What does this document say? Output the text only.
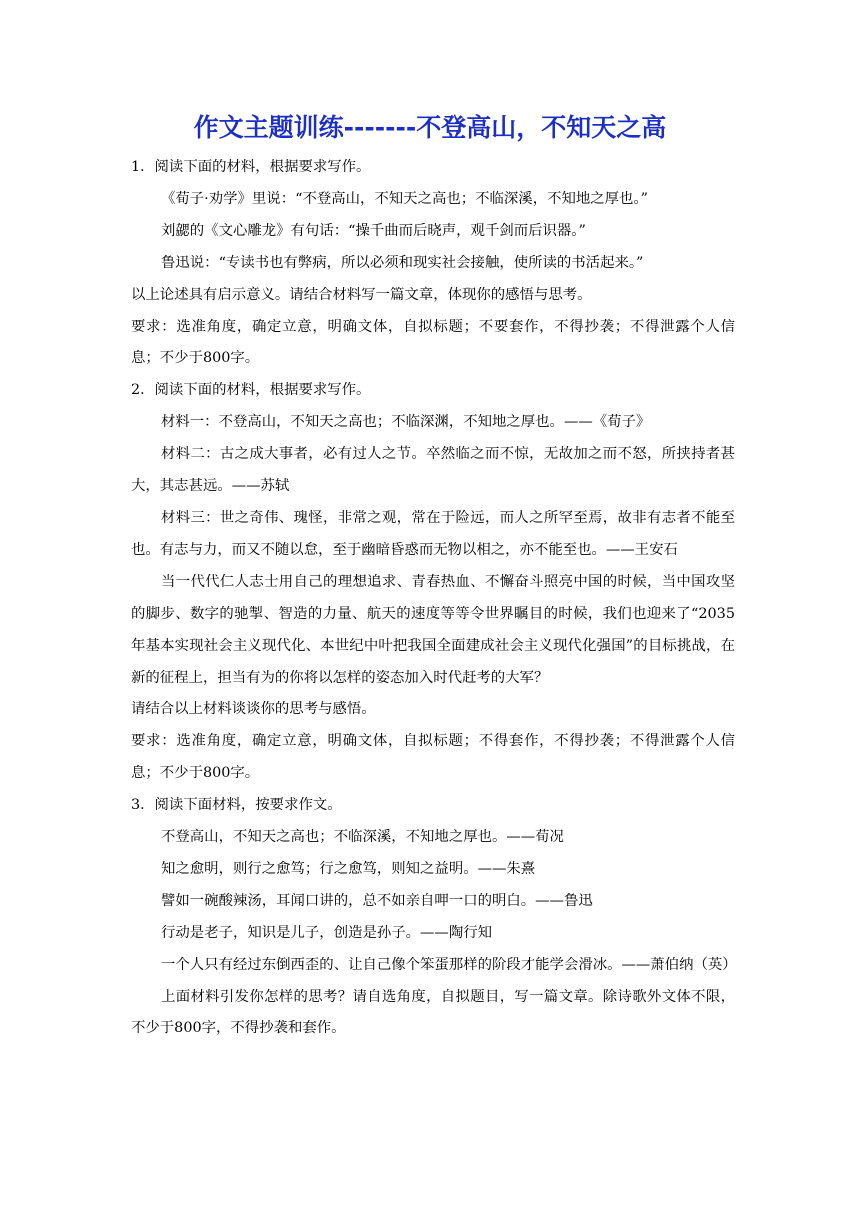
作文主题训练-------不登高山，不知天之高

1．阅读下面的材料，根据要求写作。

《荀子·劝学》里说：“不登高山，不知天之高也；不临深溪，不知地之厚也。”

刘勰的《文心雕龙》有句话：“操千曲而后晓声，观千剑而后识器。”

鲁迅说：“专读书也有弊病，所以必须和现实社会接触，使所读的书活起来。”

以上论述具有启示意义。请结合材料写一篇文章，体现你的感悟与思考。

要求：选准角度，确定立意，明确文体，自拟标题；不要套作，不得抄袭；不得泄露个人信息；不少于800字。

2．阅读下面的材料，根据要求写作。

材料一：不登高山，不知天之高也；不临深渊，不知地之厚也。——《荀子》

材料二：古之成大事者，必有过人之节。卒然临之而不惊，无故加之而不怒，所挟持者甚大，其志甚远。——苏轼

材料三：世之奇伟、瑰怪，非常之观，常在于险远，而人之所罕至焉，故非有志者不能至也。有志与力，而又不随以怠，至于幽暗昏惑而无物以相之，亦不能至也。——王安石

当一代代仁人志士用自己的理想追求、青春热血、不懈奋斗照亮中国的时候，当中国攻坚的脚步、数字的驰掣、智造的力量、航天的速度等等令世界瞩目的时候，我们也迎来了“2035年基本实现社会主义现代化、本世纪中叶把我国全面建成社会主义现代化强国”的目标挑战，在新的征程上，担当有为的你将以怎样的姿态加入时代赶考的大军？

请结合以上材料谈谈你的思考与感悟。

要求：选准角度，确定立意，明确文体，自拟标题；不得套作，不得抄袭；不得泄露个人信息；不少于800字。

3．阅读下面材料，按要求作文。

不登高山，不知天之高也；不临深溪，不知地之厚也。——荀况

知之愈明，则行之愈笃；行之愈笃，则知之益明。——朱熹

譬如一碗酸辣汤，耳闻口讲的，总不如亲自呷一口的明白。——鲁迅

行动是老子，知识是儿子，创造是孙子。——陶行知

一个人只有经过东倒西歪的、让自己像个笨蛋那样的阶段才能学会滑冰。——萧伯纳（英）

上面材料引发你怎样的思考？请自选角度，自拟题目，写一篇文章。除诗歌外文体不限，不少于800字，不得抄袭和套作。
